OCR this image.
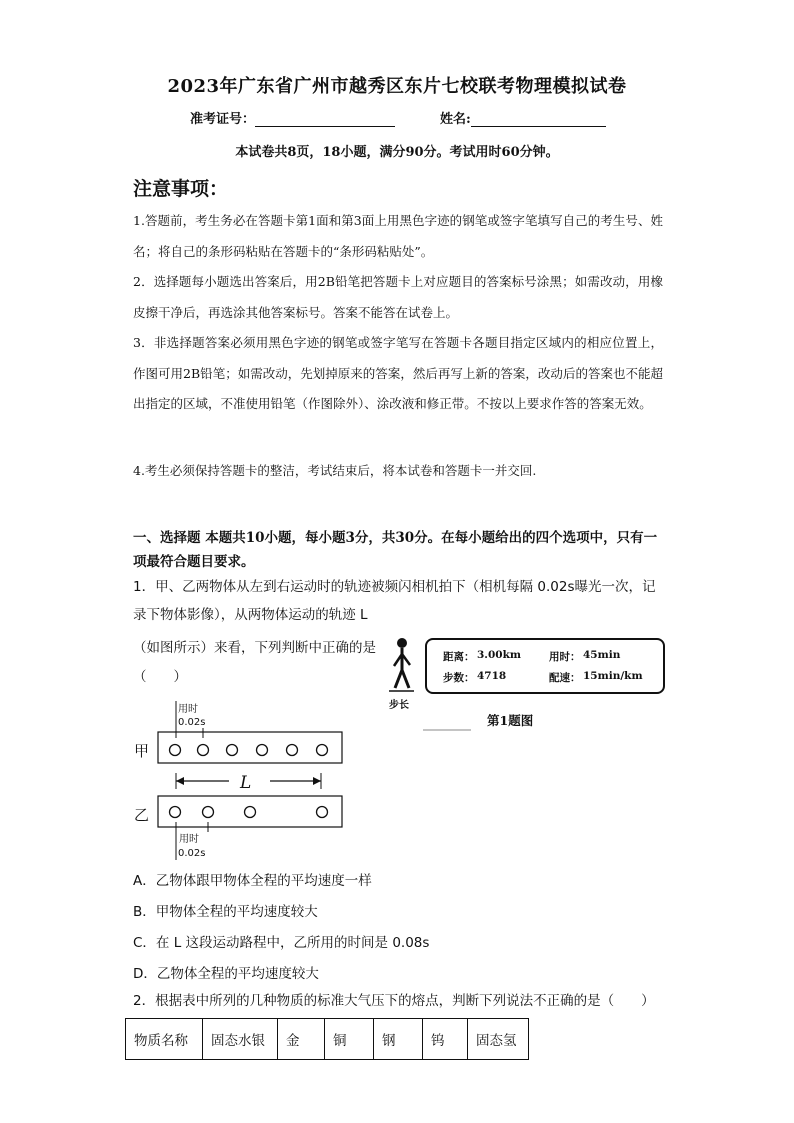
2023年广东省广州市越秀区东片七校联考物理模拟试卷
准考证号：	姓名:
本试卷共8页，18小题，满分90分。考试用时60分钟。
注意事项：
1.答题前，考生务必在答题卡第1面和第3面上用黑色字迹的钢笔或签字笔填写自己的考生号、姓名；将自己的条形码粘贴在答题卡的“条形码粘贴处”。
2．选择题每小题选出答案后，用2B铅笔把答题卡上对应题目的答案标号涂黑；如需改动，用橡皮擦干净后，再选涂其他答案标号。答案不能答在试卷上。
3．非选择题答案必须用黑色字迹的钢笔或签字笔写在答题卡各题目指定区域内的相应位置上，作图可用2B铅笔；如需改动，先划掉原来的答案，然后再写上新的答案，改动后的答案也不能超出指定的区域，不准使用铅笔（作图除外）、涂改液和修正带。不按以上要求作答的答案无效。
4.考生必须保持答题卡的整洁，考试结束后，将本试卷和答题卡一并交回.
一、选择题 本题共10小题，每小题3分，共30分。在每小题给出的四个选项中，只有一项最符合题目要求。
1．甲、乙两物体从左到右运动时的轨迹被频闪相机拍下（相机每隔 0.02s曝光一次，记
录下物体影像），从两物体运动的轨迹 L
（如图所示）来看，下列判断中正确的是
（　　）
步长
距离： 3.00km	用时： 45min
步数： 4718	配速： 15min/km
第1题图
用时
0.02s
甲
L
乙
用时
0.02s
A．乙物体跟甲物体全程的平均速度一样
B．甲物体全程的平均速度较大
C．在 L 这段运动路程中，乙所用的时间是 0.08s
D．乙物体全程的平均速度较大
2．根据表中所列的几种物质的标准大气压下的熔点，判断下列说法不正确的是（　　）
物质名称	固态水银	金	铜	钢	钨	固态氢
